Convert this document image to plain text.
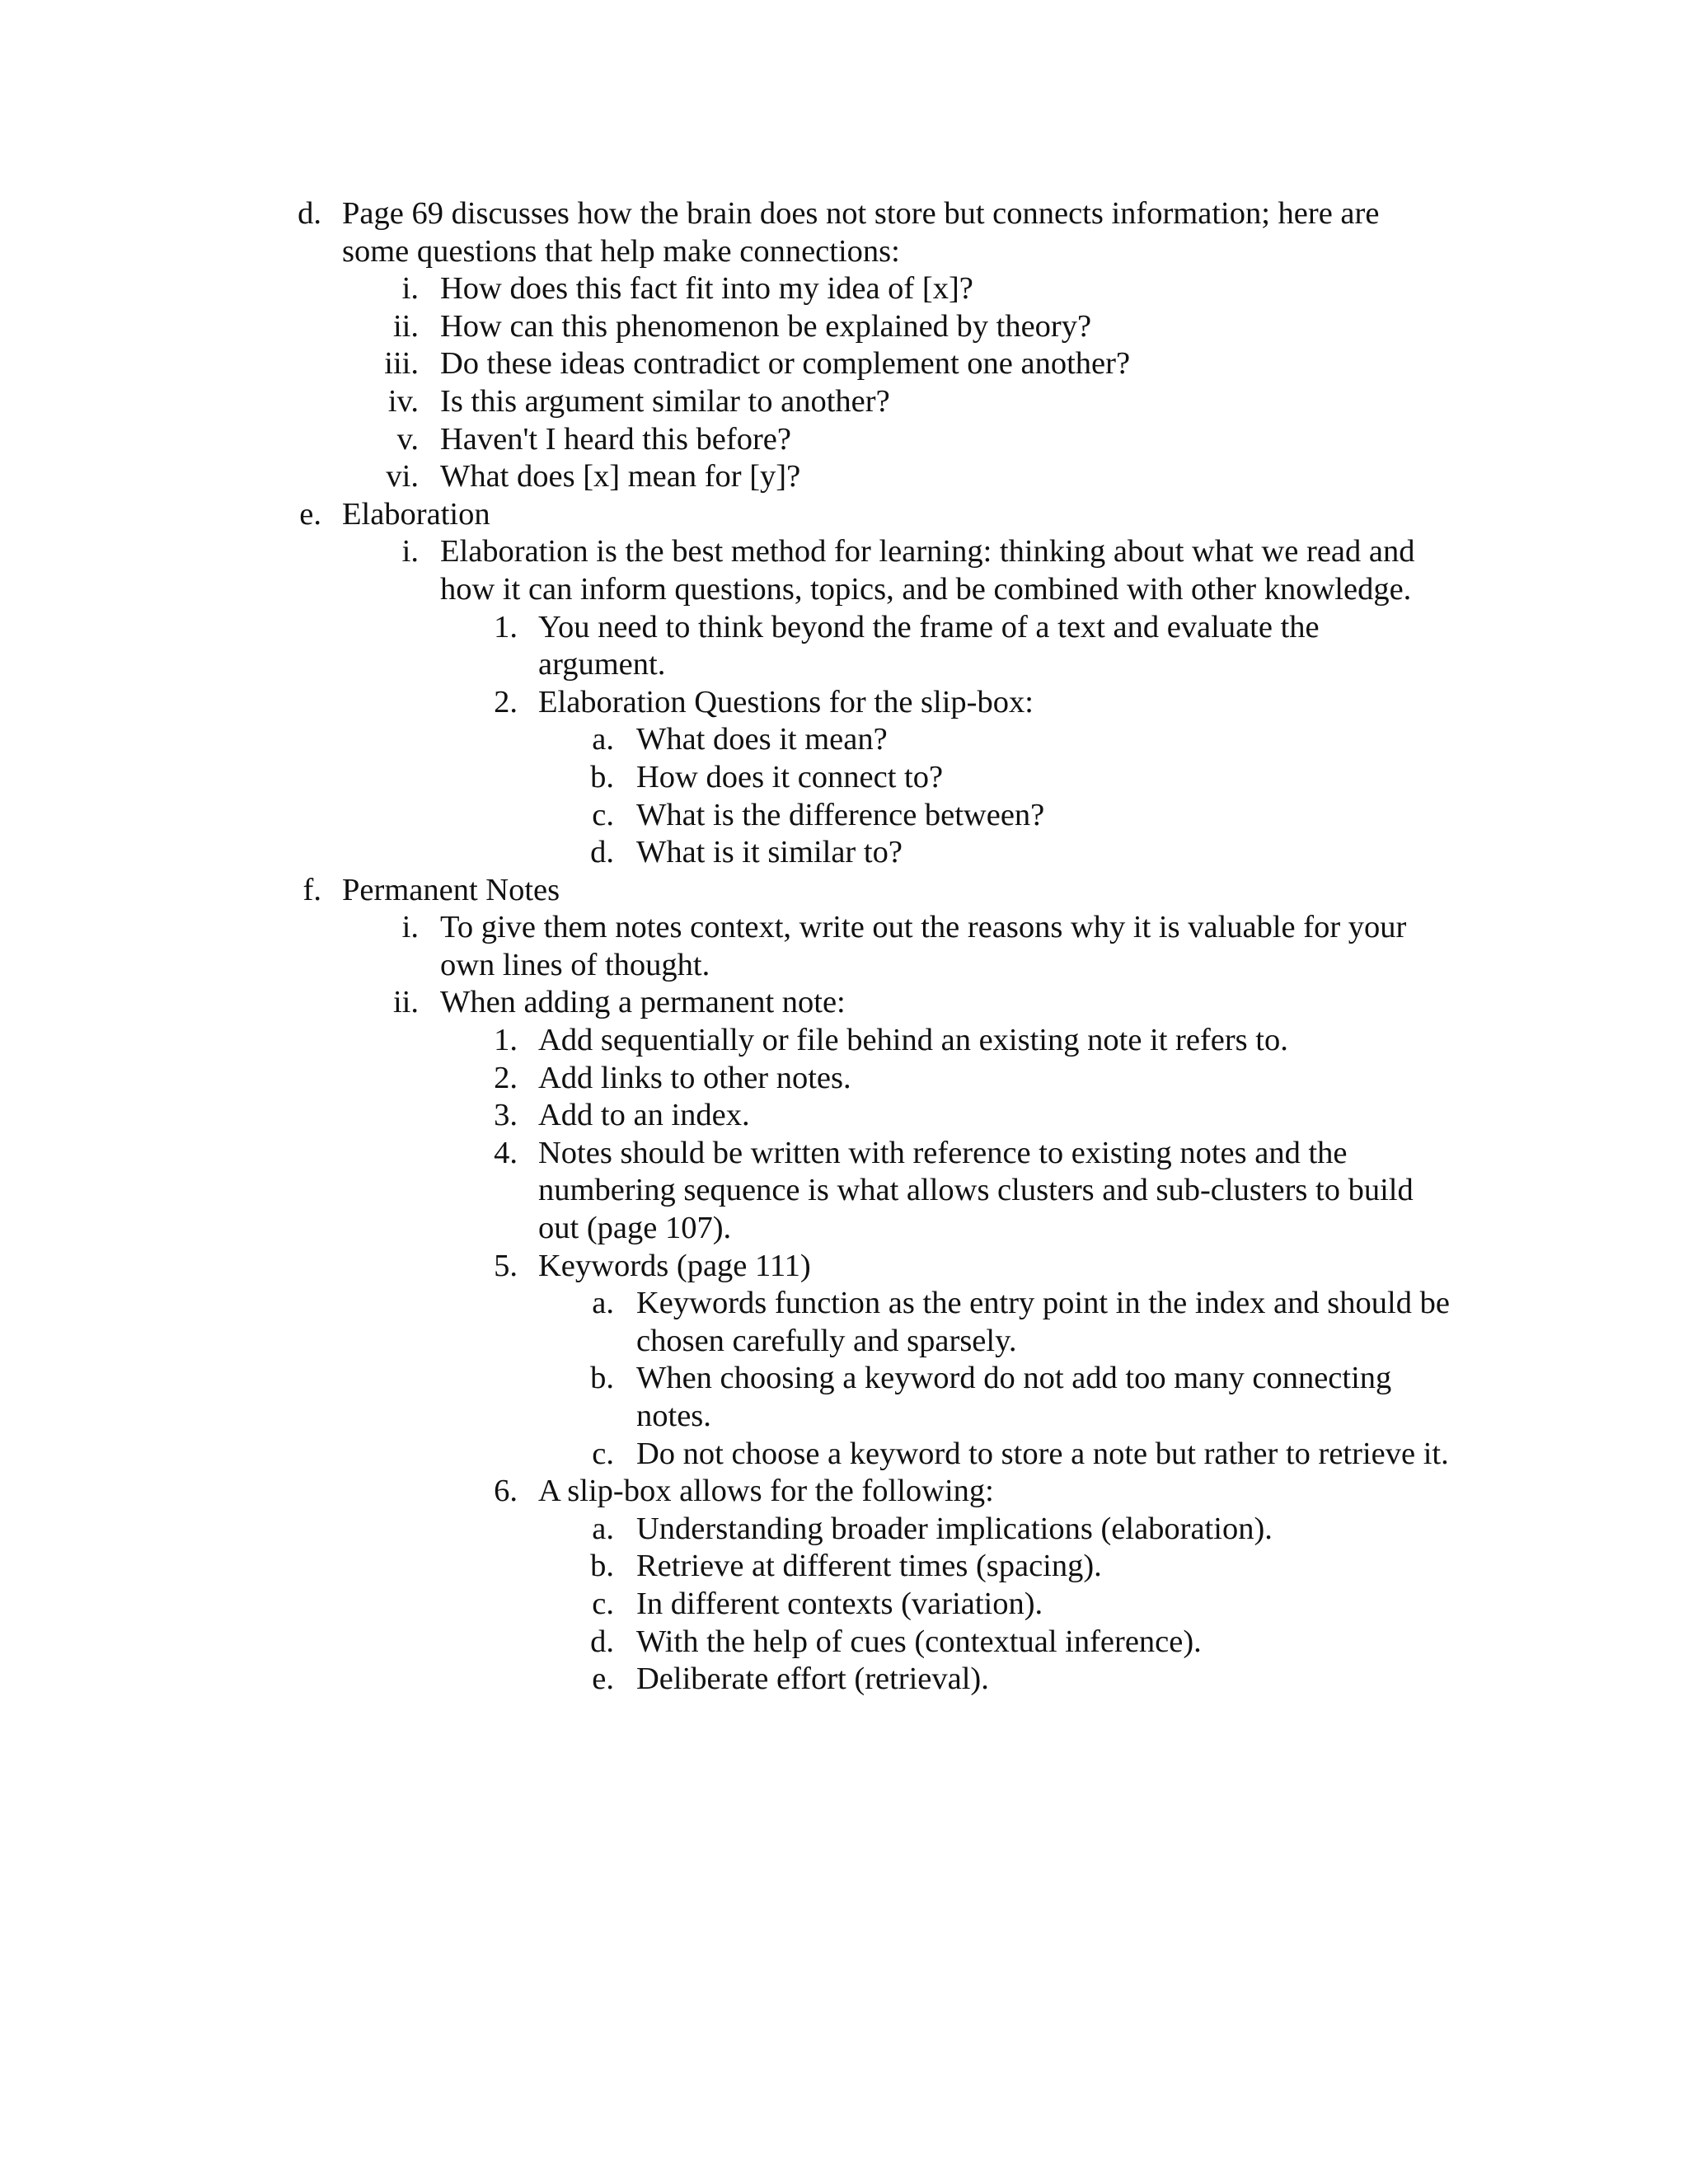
d. Page 69 discusses how the brain does not store but connects information; here are some questions that help make connections:
i. How does this fact fit into my idea of [x]?
ii. How can this phenomenon be explained by theory?
iii. Do these ideas contradict or complement one another?
iv. Is this argument similar to another?
v. Haven't I heard this before?
vi. What does [x] mean for [y]?
e. Elaboration
i. Elaboration is the best method for learning: thinking about what we read and how it can inform questions, topics, and be combined with other knowledge.
1. You need to think beyond the frame of a text and evaluate the argument.
2. Elaboration Questions for the slip-box:
a. What does it mean?
b. How does it connect to?
c. What is the difference between?
d. What is it similar to?
f. Permanent Notes
i. To give them notes context, write out the reasons why it is valuable for your own lines of thought.
ii. When adding a permanent note:
1. Add sequentially or file behind an existing note it refers to.
2. Add links to other notes.
3. Add to an index.
4. Notes should be written with reference to existing notes and the numbering sequence is what allows clusters and sub-clusters to build out (page 107).
5. Keywords (page 111)
a. Keywords function as the entry point in the index and should be chosen carefully and sparsely.
b. When choosing a keyword do not add too many connecting notes.
c. Do not choose a keyword to store a note but rather to retrieve it.
6. A slip-box allows for the following:
a. Understanding broader implications (elaboration).
b. Retrieve at different times (spacing).
c. In different contexts (variation).
d. With the help of cues (contextual inference).
e. Deliberate effort (retrieval).
